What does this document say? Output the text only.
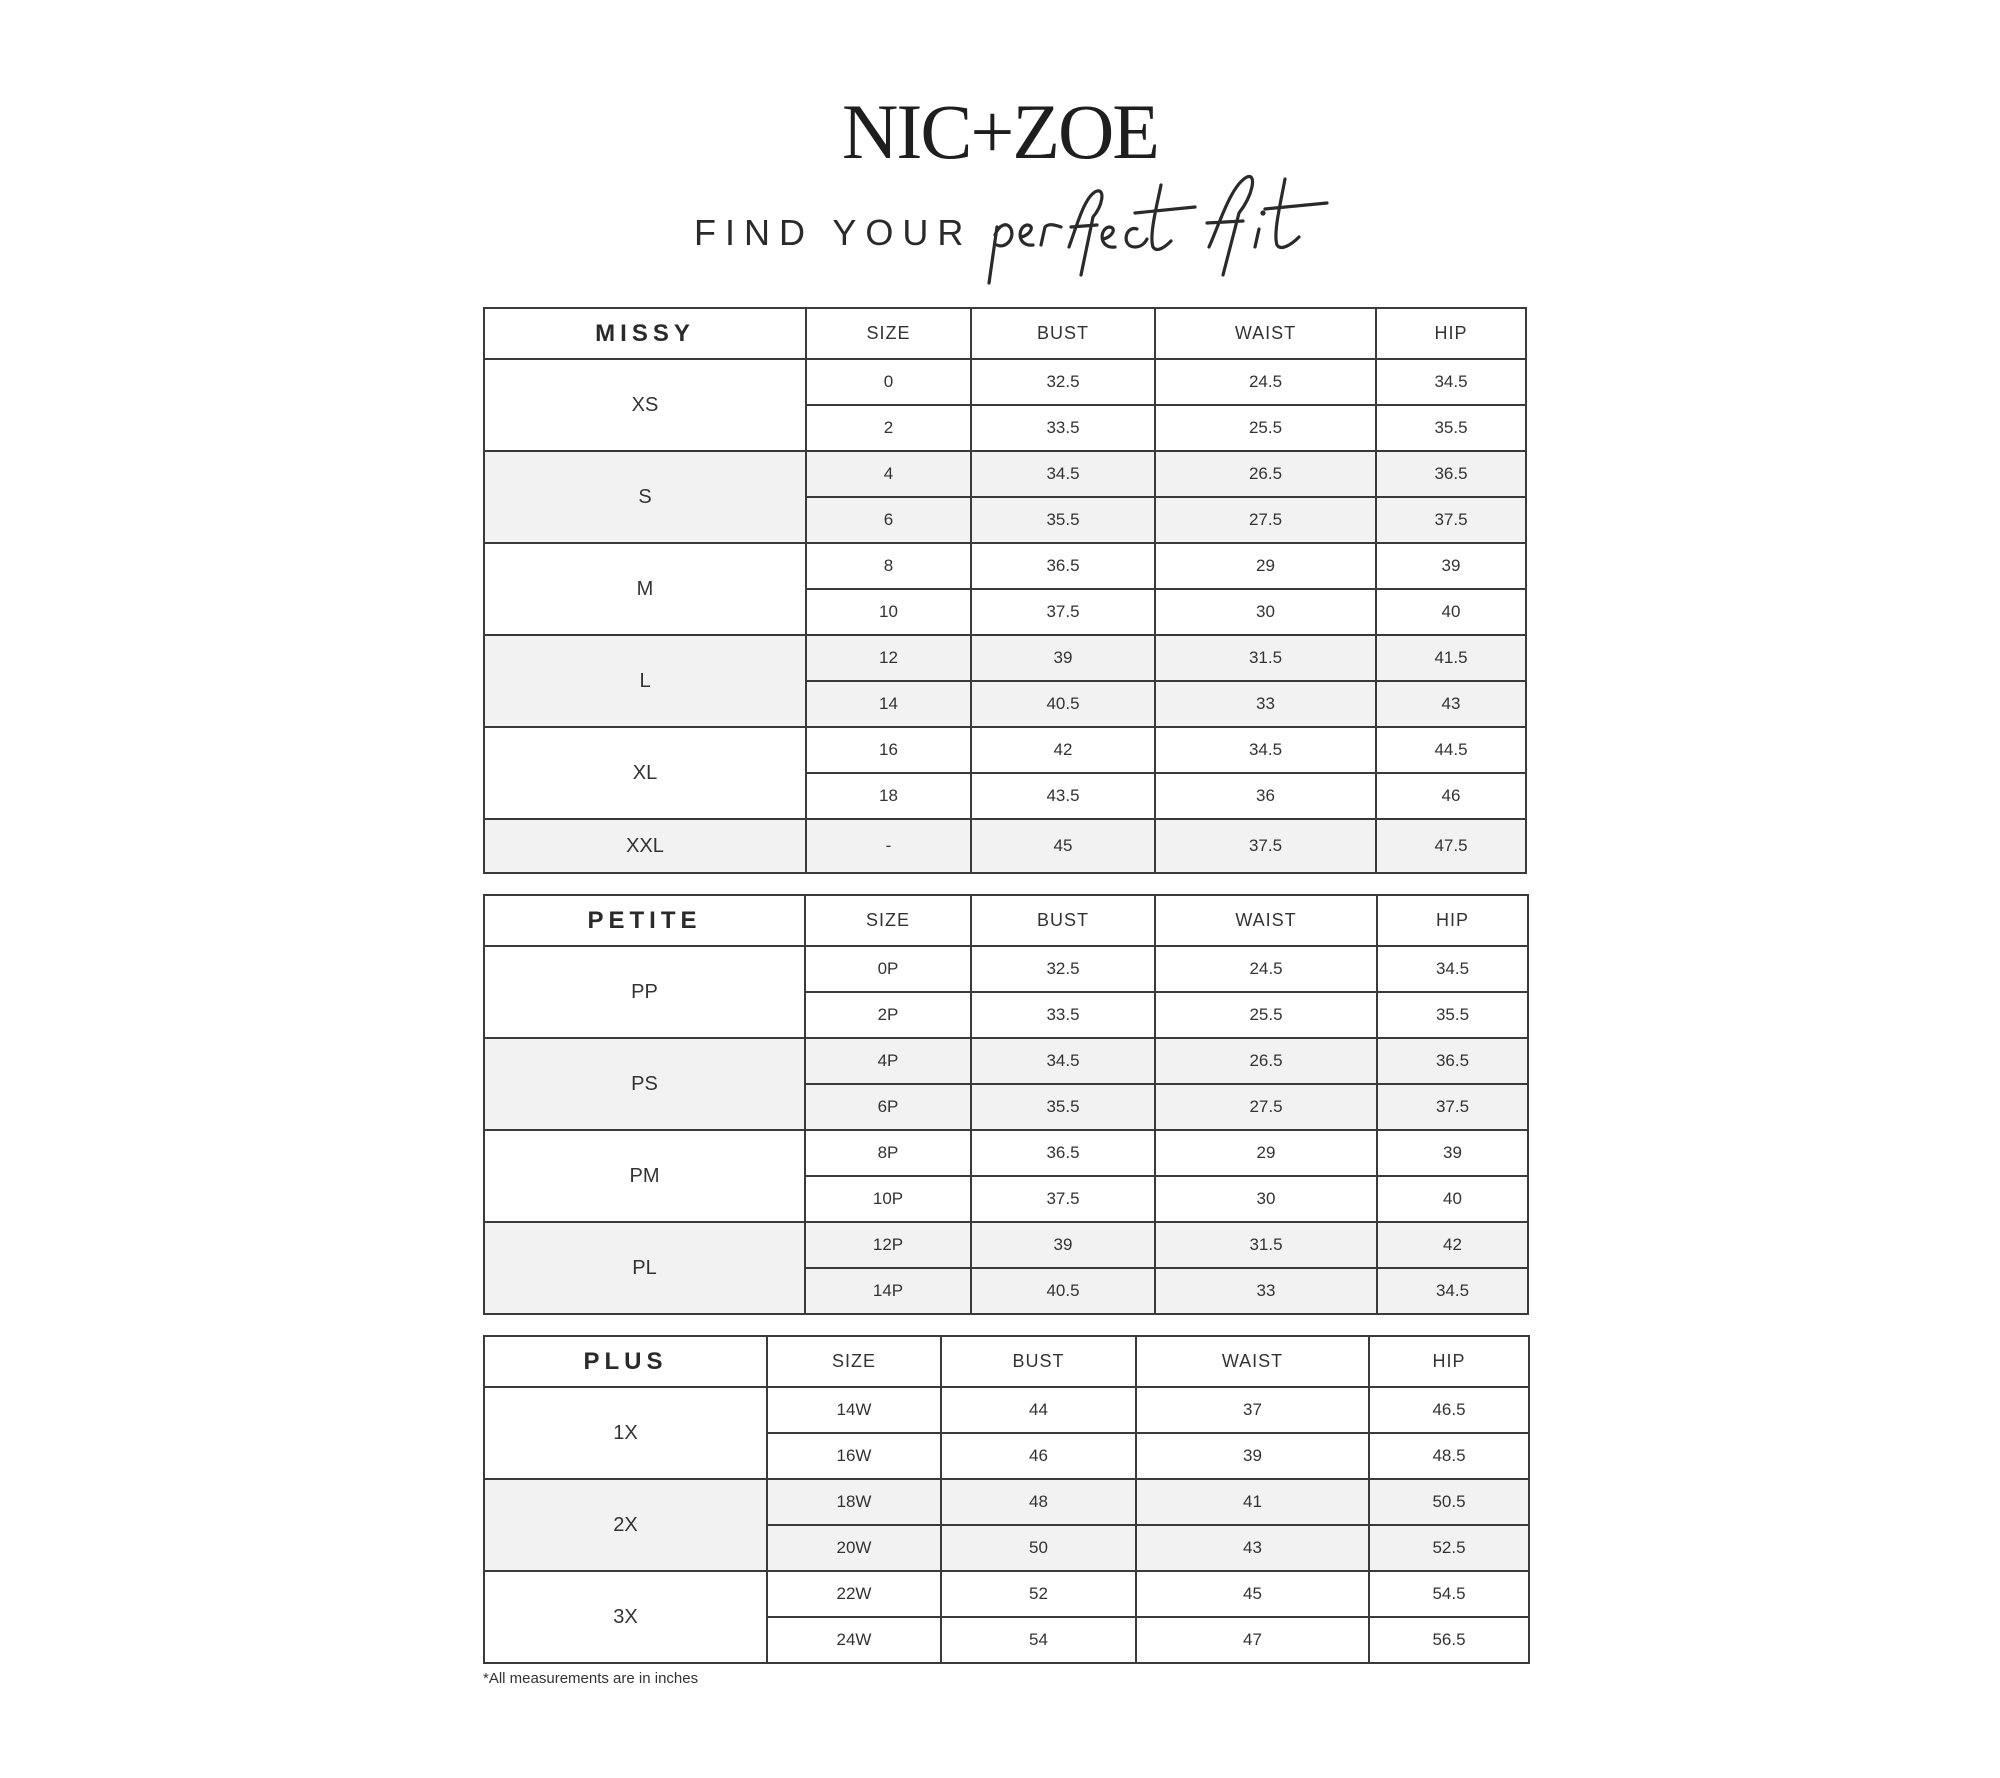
NIC+ZOE
FIND YOUR
MISSY	SIZE	BUST	WAIST	HIP
XS	0	32.5	24.5	34.5
	2	33.5	25.5	35.5
S	4	34.5	26.5	36.5
	6	35.5	27.5	37.5
M	8	36.5	29	39
	10	37.5	30	40
L	12	39	31.5	41.5
	14	40.5	33	43
XL	16	42	34.5	44.5
	18	43.5	36	46
XXL	-	45	37.5	47.5
PETITE	SIZE	BUST	WAIST	HIP
PP	0P	32.5	24.5	34.5
	2P	33.5	25.5	35.5
PS	4P	34.5	26.5	36.5
	6P	35.5	27.5	37.5
PM	8P	36.5	29	39
	10P	37.5	30	40
PL	12P	39	31.5	42
	14P	40.5	33	34.5
PLUS	SIZE	BUST	WAIST	HIP
1X	14W	44	37	46.5
	16W	46	39	48.5
2X	18W	48	41	50.5
	20W	50	43	52.5
3X	22W	52	45	54.5
	24W	54	47	56.5
*All measurements are in inches
